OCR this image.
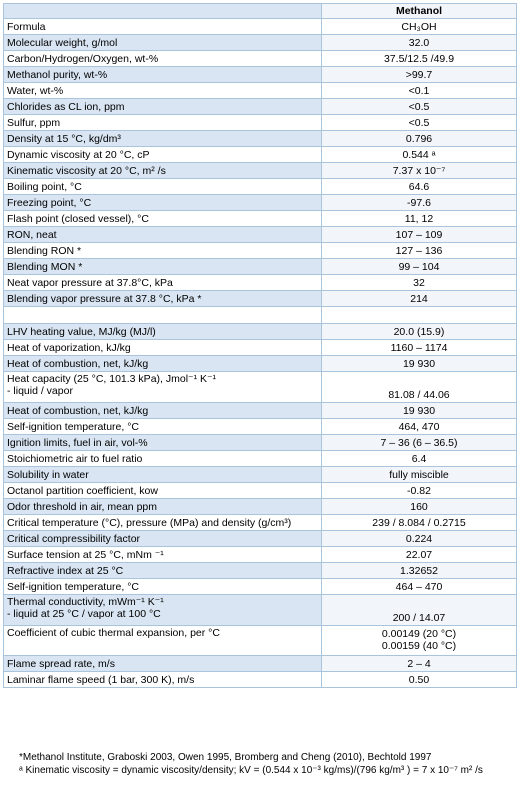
	Methanol
Formula	CH₃OH

Molecular weight, g/mol	32.0

Carbon/Hydrogen/Oxygen, wt-%	37.5/12.5 /49.9

Methanol purity, wt-%	>99.7

Water, wt-%	<0.1

Chlorides as CL ion, ppm	<0.5

Sulfur, ppm	<0.5

Density at 15 °C, kg/dm³	0.796

Dynamic viscosity at 20 °C, cP	0.544 ᵃ

Kinematic viscosity at 20 °C, m² /s	7.37 x 10⁻⁷

Boiling point, °C	64.6

Freezing point, °C	-97.6

Flash point (closed vessel), °C	11, 12

RON, neat	107 – 109

Blending RON *	127 – 136

Blending MON *	99 – 104

Neat vapor pressure at 37.8°C, kPa	32

Blending vapor pressure at 37.8 °C, kPa *	214

LHV heating value, MJ/kg (MJ/l)	20.0 (15.9)

Heat of vaporization, kJ/kg	1160 – 1174

Heat of combustion, net, kJ/kg	19 930

Heat capacity (25 °C, 101.3 kPa), Jmol⁻¹ K⁻¹
- liquid / vapor	81.08 / 44.06

Heat of combustion, net, kJ/kg	19 930

Self-ignition temperature, °C	464, 470

Ignition limits, fuel in air, vol-%	7 – 36 (6 – 36.5)

Stoichiometric air to fuel ratio	6.4

Solubility in water	fully miscible

Octanol partition coefficient, kow	-0.82

Odor threshold in air, mean ppm	160

Critical temperature (°C), pressure (MPa) and density (g/cm³)	239 / 8.084 / 0.2715

Critical compressibility factor	0.224

Surface tension at 25 °C, mNm ⁻¹	22.07

Refractive index at 25 °C	1.32652

Self-ignition temperature, °C	464 – 470

Thermal conductivity, mWm⁻¹ K⁻¹
- liquid at 25 °C / vapor at 100 °C	200 / 14.07

Coefficient of cubic thermal expansion, per °C	0.00149 (20 °C)
0.00159 (40 °C)

Flame spread rate, m/s	2 – 4

Laminar flame speed (1 bar, 300 K), m/s	0.50
*Methanol Institute, Graboski 2003, Owen 1995, Bromberg and Cheng (2010), Bechtold 1997
ᵃ Kinematic viscosity = dynamic viscosity/density; kV = (0.544 x 10⁻³ kg/ms)/(796 kg/m³ ) = 7 x 10⁻⁷ m² /s
